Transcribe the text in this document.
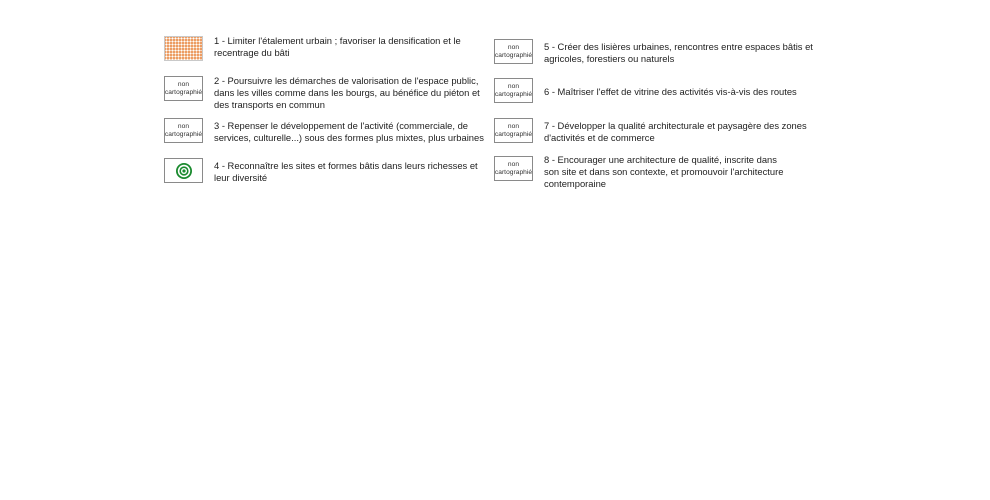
1 - Limiter l'étalement urbain ; favoriser la densification et le recentrage du bâti
non
cartographié
2 - Poursuivre les démarches de valorisation de l'espace public, dans les villes comme dans les bourgs, au bénéfice du piéton et des transports en commun
non
cartographié
3 - Repenser le développement de l'activité (commerciale, de services, culturelle...) sous des formes plus mixtes, plus urbaines
4 - Reconnaître les sites et formes bâtis dans leurs richesses et leur diversité
non
cartographié
5 - Créer des lisières urbaines, rencontres entre espaces bâtis et agricoles, forestiers ou naturels
non
cartographié 6 - Maîtriser l'effet de vitrine des activités vis-à-vis des routes
non
cartographié
7 - Développer la qualité architecturale et paysagère des zones d'activités et de commerce
non
cartographié
8 - Encourager une architecture de qualité, inscrite dans son site et dans son contexte, et promouvoir l'architecture contemporaine
